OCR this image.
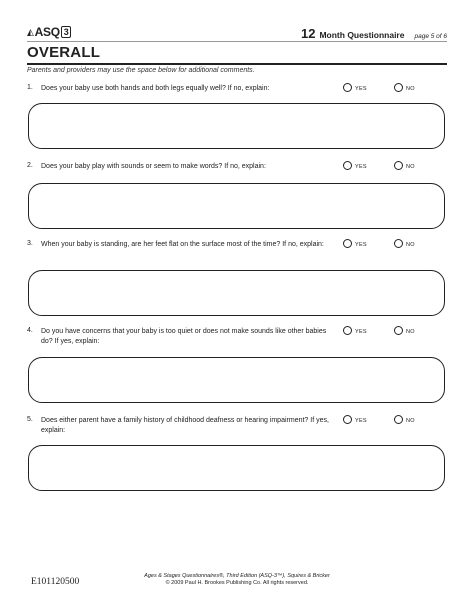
◭ ASQ 3	12 Month Questionnaire page 5 of 6
OVERALL
Parents and providers may use the space below for additional comments.
1. Does your baby use both hands and both legs equally well? If no, explain:	YES	NO
2. Does your baby play with sounds or seem to make words? If no, explain:	YES	NO
3. When your baby is standing, are her feet flat on the surface most of the time? If no, explain:	YES	NO
4. Do you have concerns that your baby is too quiet or does not make sounds like other babies do? If yes, explain:
YES	NO
5. Does either parent have a family history of childhood deafness or hearing impairment? If yes, explain:
YES	NO
E101120500
Ages & Stages Questionnaires®, Third Edition (ASQ-3™), Squires & Bricker
© 2009 Paul H. Brookes Publishing Co. All rights reserved.
